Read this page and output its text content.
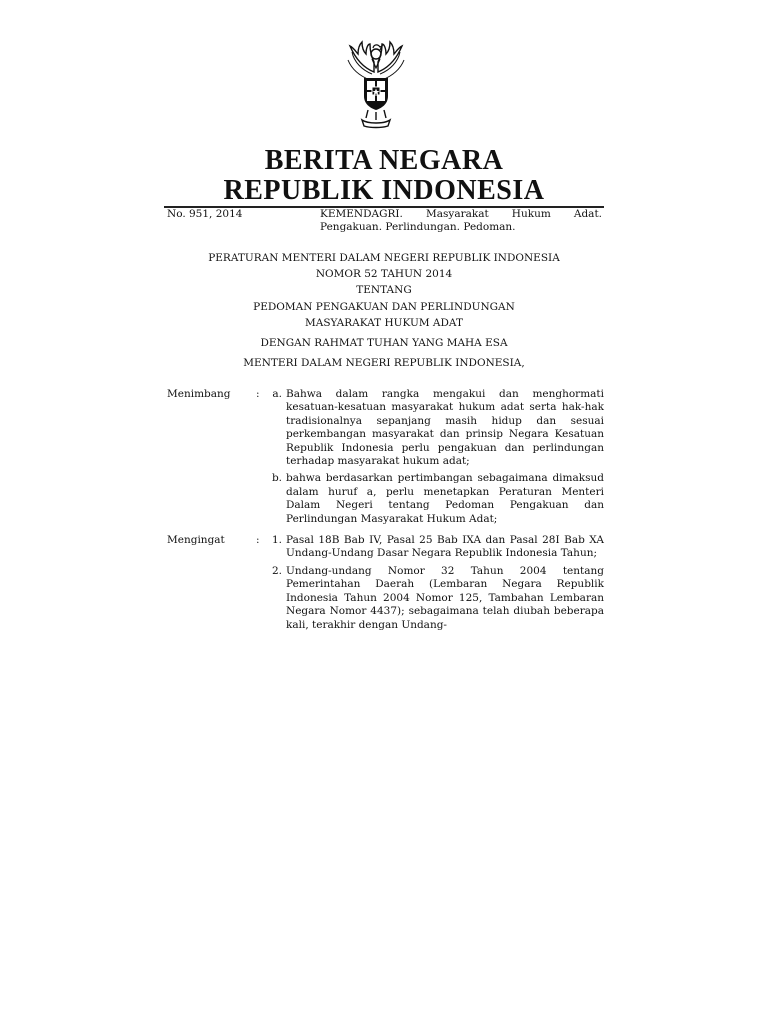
BERITA NEGARA
REPUBLIK INDONESIA
No. 951, 2014	KEMENDAGRI. Masyarakat Hukum Adat.
Pengakuan. Perlindungan. Pedoman.
PERATURAN MENTERI DALAM NEGERI REPUBLIK INDONESIA
NOMOR 52 TAHUN 2014
TENTANG
PEDOMAN PENGAKUAN DAN PERLINDUNGAN
MASYARAKAT HUKUM ADAT
DENGAN RAHMAT TUHAN YANG MAHA ESA
MENTERI DALAM NEGERI REPUBLIK INDONESIA,
Menimbang :	a. Bahwa dalam rangka mengakui dan menghormati kesatuan-kesatuan masyarakat hukum adat serta hak-hak tradisionalnya sepanjang masih hidup dan sesuai perkembangan masyarakat dan prinsip Negara Kesatuan Republik Indonesia perlu pengakuan dan perlindungan terhadap masyarakat hukum adat;
b. bahwa berdasarkan pertimbangan sebagaimana dimaksud dalam huruf a, perlu menetapkan Peraturan Menteri Dalam Negeri tentang Pedoman Pengakuan dan Perlindungan Masyarakat Hukum Adat;
Mengingat	:	1. Pasal 18B Bab IV, Pasal 25 Bab IXA dan Pasal 28I Bab XA Undang-Undang Dasar Negara Republik Indonesia Tahun;
2. Undang-undang Nomor 32 Tahun 2004 tentang Pemerintahan Daerah (Lembaran Negara Republik Indonesia Tahun 2004 Nomor 125, Tambahan Lembaran Negara Nomor 4437); sebagaimana telah diubah beberapa kali, terakhir dengan Undang-
